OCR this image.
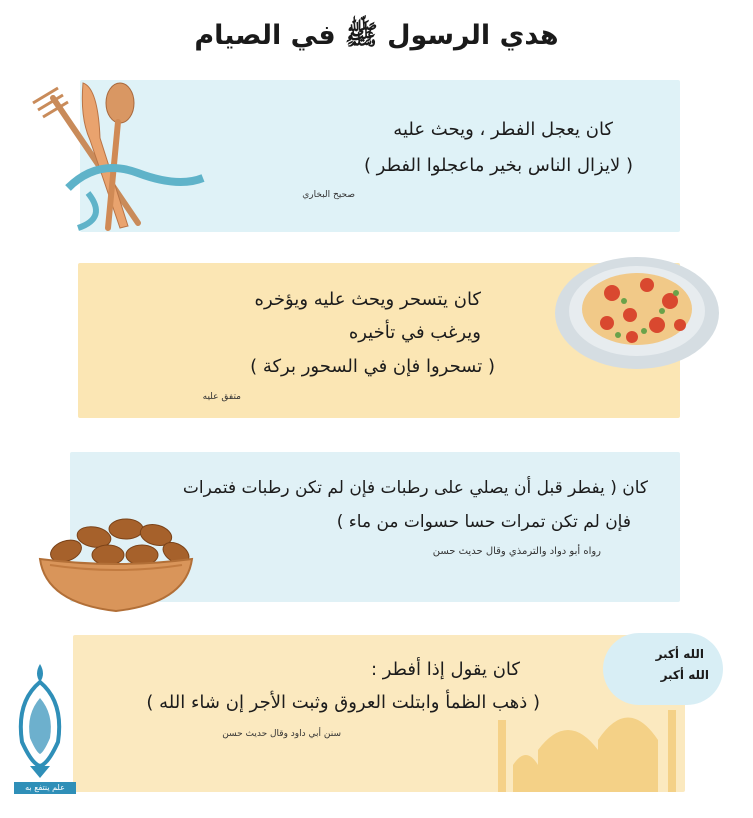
هدي الرسول ﷺ في الصيام
كان يعجل الفطر ، ويحث عليه
( لايزال الناس بخير ماعجلوا الفطر )
صحيح البخاري
كان يتسحر ويحث عليه ويؤخره
ويرغب في تأخيره
( تسحروا فإن في السحور بركة )
متفق عليه
كان ( يفطر قبل أن يصلي على رطبات فإن لم تكن رطبات فتمرات
فإن لم تكن تمرات حسا حسوات من ماء )
رواه أبو دواد والترمذي وقال حديث حسن
كان يقول إذا أفطر :
( ذهب الظمأ وابتلت العروق وثبت الأجر إن شاء الله )
سنن أبي داود وقال حديث حسن
الله أكبر
الله أكبر
علم ينتفع به
